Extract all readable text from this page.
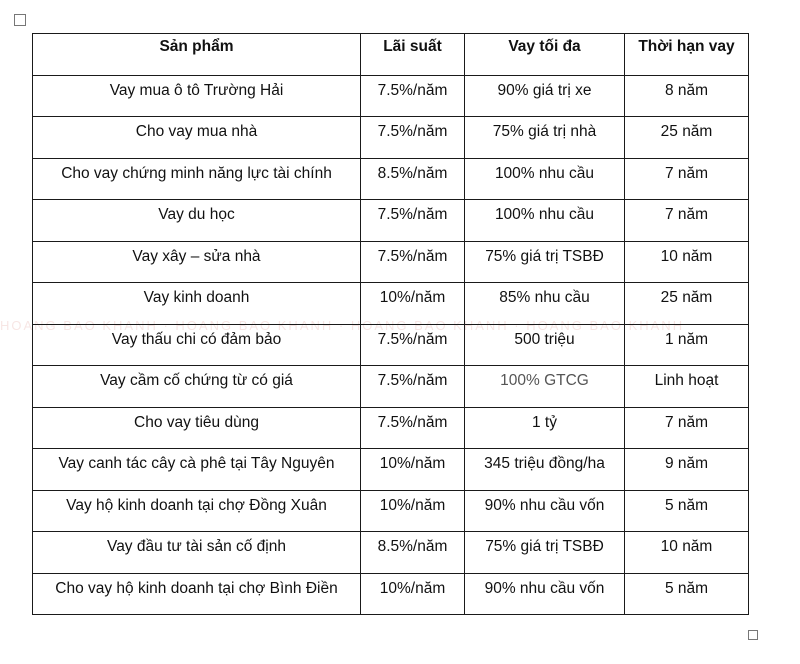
HOANG BAO KHANH · HOANG BAO KHANH · HOANG BAO KHANH · HOANG BAO KHANH
Sản phẩm	Lãi suất	Vay tối đa	Thời hạn vay
Vay mua ô tô Trường Hải	7.5%/năm	90% giá trị xe	8 năm
Cho vay mua nhà	7.5%/năm	75% giá trị nhà	25 năm
Cho vay chứng minh năng lực tài chính	8.5%/năm	100% nhu cầu	7 năm
Vay du học	7.5%/năm	100% nhu cầu	7 năm
Vay xây – sửa nhà	7.5%/năm	75% giá trị TSBĐ	10 năm
Vay kinh doanh	10%/năm	85% nhu cầu	25 năm
Vay thấu chi có đảm bảo	7.5%/năm	500 triệu	1 năm
Vay cầm cố chứng từ có giá	7.5%/năm	100% GTCG	Linh hoạt
Cho vay tiêu dùng	7.5%/năm	1 tỷ	7 năm
Vay canh tác cây cà phê tại Tây Nguyên	10%/năm	345 triệu đồng/ha	9 năm
Vay hộ kinh doanh tại chợ Đồng Xuân	10%/năm	90% nhu cầu vốn	5 năm
Vay đầu tư tài sản cố định	8.5%/năm	75% giá trị TSBĐ	10 năm
Cho vay hộ kinh doanh tại chợ Bình Điền	10%/năm	90% nhu cầu vốn	5 năm
